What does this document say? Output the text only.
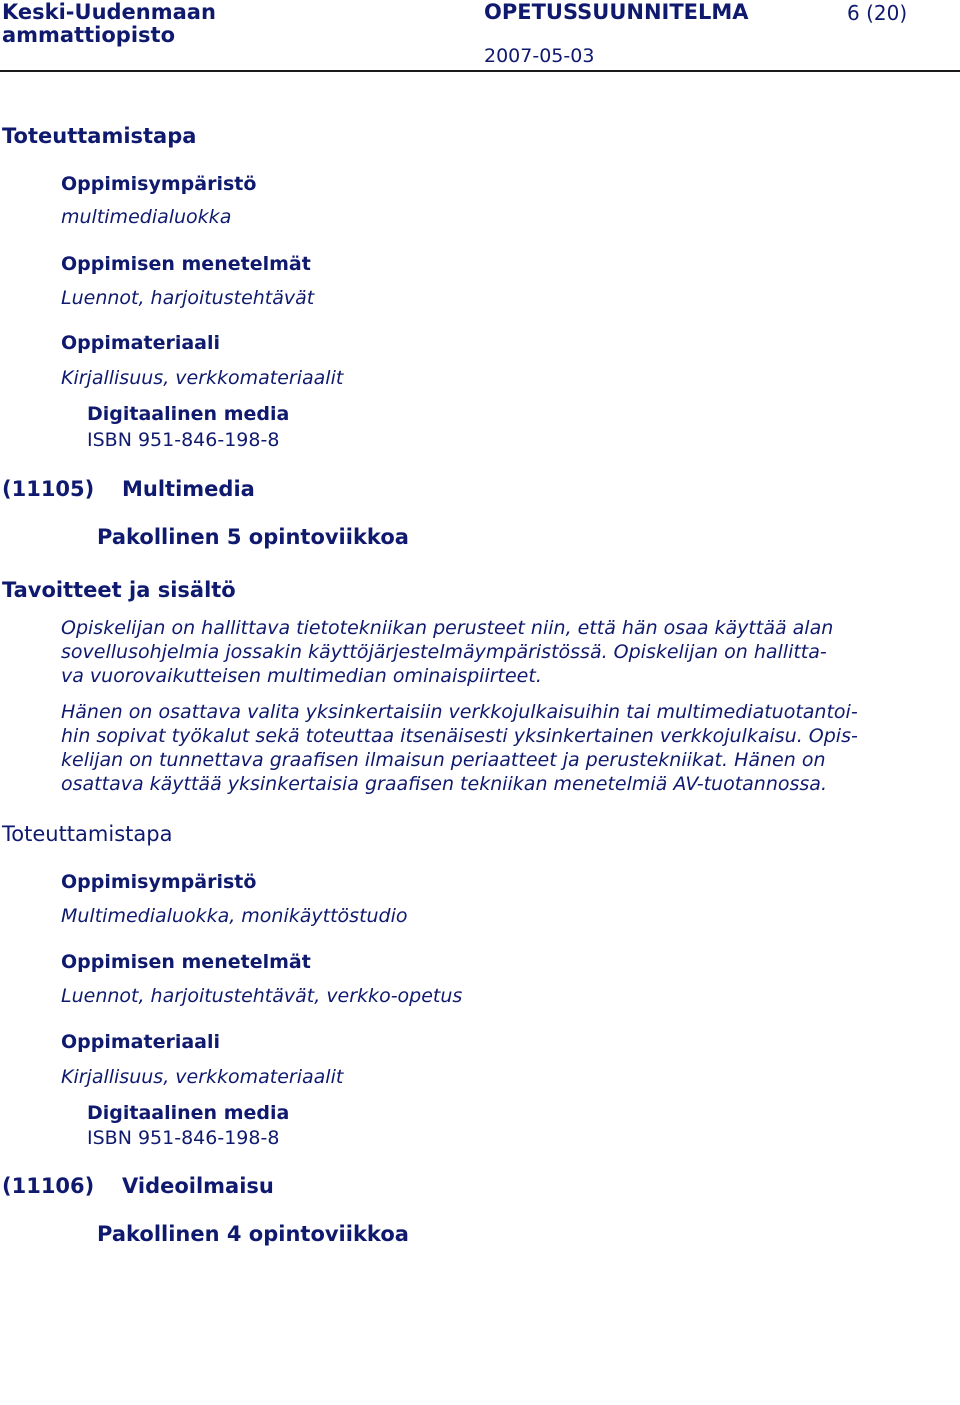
Keski-Uudenmaan
ammattiopisto
OPETUSSUUNNITELMA	6 (20)
2007-05-03
Toteuttamistapa
Oppimisympäristö
multimedialuokka
Oppimisen menetelmät
Luennot, harjoitustehtävät
Oppimateriaali
Kirjallisuus, verkkomateriaalit
Digitaalinen media
ISBN 951-846-198-8
(11105) Multimedia
Pakollinen 5 opintoviikkoa
Tavoitteet ja sisältö
Opiskelijan on hallittava tietotekniikan perusteet niin, että hän osaa käyttää alan
sovellusohjelmia jossakin käyttöjärjestelmäympäristössä. Opiskelijan on hallitta-
va vuorovaikutteisen multimedian ominaispiirteet.
Hänen on osattava valita yksinkertaisiin verkkojulkaisuihin tai multimediatuotantoi-
hin sopivat työkalut sekä toteuttaa itsenäisesti yksinkertainen verkkojulkaisu. Opis-
kelijan on tunnettava graafisen ilmaisun periaatteet ja perustekniikat. Hänen on
osattava käyttää yksinkertaisia graafisen tekniikan menetelmiä AV-tuotannossa.
Toteuttamistapa
Oppimisympäristö
Multimedialuokka, monikäyttöstudio
Oppimisen menetelmät
Luennot, harjoitustehtävät, verkko-opetus
Oppimateriaali
Kirjallisuus, verkkomateriaalit
Digitaalinen media
ISBN 951-846-198-8
(11106) Videoilmaisu
Pakollinen 4 opintoviikkoa
